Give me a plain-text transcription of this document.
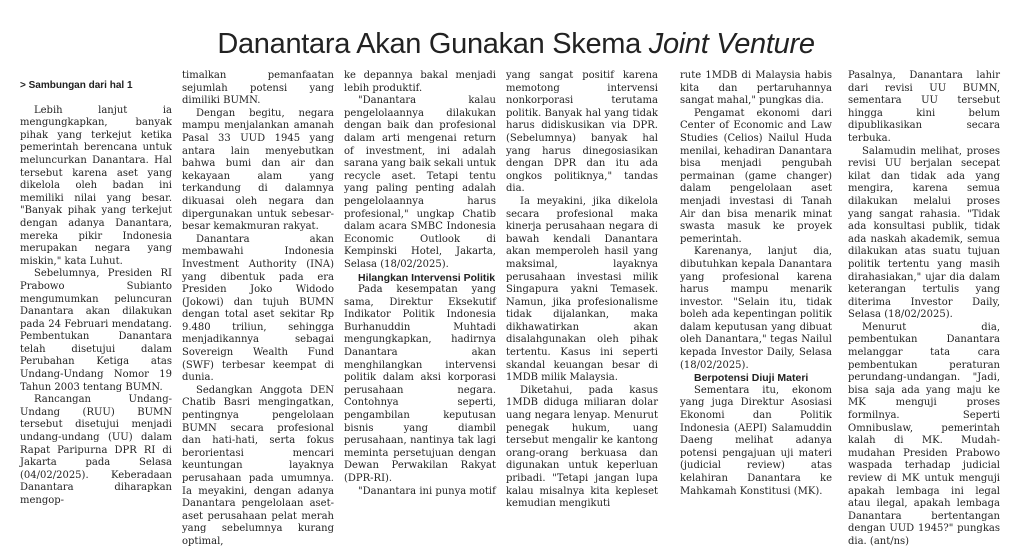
Danantara Akan Gunakan Skema Joint Venture
> Sambungan dari hal 1

Lebih lanjut ia mengungkapkan, banyak pihak yang terkejut ketika pemerintah berencana untuk meluncurkan Danantara. Hal tersebut karena aset yang dikelola oleh badan ini memiliki nilai yang besar. "Banyak pihak yang terkejut dengan adanya Danantara, mereka pikir Indonesia merupakan negara yang miskin," kata Luhut.

Sebelumnya, Presiden RI Prabowo Subianto mengumumkan peluncuran Danantara akan dilakukan pada 24 Februari mendatang. Pembentukan Danantara telah disetujui dalam Perubahan Ketiga atas Undang-Undang Nomor 19 Tahun 2003 tentang BUMN.

Rancangan Undang-Undang (RUU) BUMN tersebut disetujui menjadi undang-undang (UU) dalam Rapat Paripurna DPR RI di Jakarta pada Selasa (04/02/2025). Keberadaan Danantara diharapkan mengop-

timalkan pemanfaatan sejumlah potensi yang dimiliki BUMN.

Dengan begitu, negara mampu menjalankan amanah Pasal 33 UUD 1945 yang antara lain menyebutkan bahwa bumi dan air dan kekayaan alam yang terkandung di dalamnya dikuasai oleh negara dan dipergunakan untuk sebesar-besar kemakmuran rakyat.

Danantara akan membawahi Indonesia Investment Authority (INA) yang dibentuk pada era Presiden Joko Widodo (Jokowi) dan tujuh BUMN dengan total aset sekitar Rp 9.480 triliun, sehingga menjadikannya sebagai Sovereign Wealth Fund (SWF) terbesar keempat di dunia.

Sedangkan Anggota DEN Chatib Basri mengingatkan, pentingnya pengelolaan BUMN secara profesional dan hati-hati, serta fokus berorientasi mencari keuntungan layaknya perusahaan pada umumnya. Ia meyakini, dengan adanya Danantara pengelolaan aset-aset perusahaan pelat merah yang sebelumnya kurang optimal,

ke depannya bakal menjadi lebih produktif.

"Danantara kalau pengelolaannya dilakukan dengan baik dan profesional dalam arti mengenai return of investment, ini adalah sarana yang baik sekali untuk recycle aset. Tetapi tentu yang paling penting adalah pengelolaannya harus profesional," ungkap Chatib dalam acara SMBC Indonesia Economic Outlook di Kempinski Hotel, Jakarta, Selasa (18/02/2025).

Hilangkan Intervensi Politik

Pada kesempatan yang sama, Direktur Eksekutif Indikator Politik Indonesia Burhanuddin Muhtadi mengungkapkan, hadirnya Danantara akan menghilangkan intervensi politik dalam aksi korporasi perusahaan negara. Contohnya seperti, pengambilan keputusan bisnis yang diambil perusahaan, nantinya tak lagi meminta persetujuan dengan Dewan Perwakilan Rakyat (DPR-RI).

"Danantara ini punya motif

yang sangat positif karena memotong intervensi nonkorporasi terutama politik. Banyak hal yang tidak harus didiskusikan via DPR. (Sebelumnya) banyak hal yang harus dinegosiasikan dengan DPR dan itu ada ongkos politiknya," tandas dia.

Ia meyakini, jika dikelola secara profesional maka kinerja perusahaan negara di bawah kendali Danantara akan memperoleh hasil yang maksimal, layaknya perusahaan investasi milik Singapura yakni Temasek. Namun, jika profesionalisme tidak dijalankan, maka dikhawatirkan akan disalahgunakan oleh pihak tertentu. Kasus ini seperti skandal keuangan besar di 1MDB milik Malaysia.

Diketahui, pada kasus 1MDB diduga miliaran dolar uang negara lenyap. Menurut penegak hukum, uang tersebut mengalir ke kantong orang-orang berkuasa dan digunakan untuk keperluan pribadi. "Tetapi jangan lupa kalau misalnya kita kepleset kemudian mengikuti

rute 1MDB di Malaysia habis kita dan pertaruhannya sangat mahal," pungkas dia.

Pengamat ekonomi dari Center of Economic and Law Studies (Celios) Nailul Huda menilai, kehadiran Danantara bisa menjadi pengubah permainan (game changer) dalam pengelolaan aset menjadi investasi di Tanah Air dan bisa menarik minat swasta masuk ke proyek pemerintah.

Karenanya, lanjut dia, dibutuhkan kepala Danantara yang profesional karena harus mampu menarik investor. "Selain itu, tidak boleh ada kepentingan politik dalam keputusan yang dibuat oleh Danantara," tegas Nailul kepada Investor Daily, Selasa (18/02/2025).

Berpotensi Diuji Materi

Sementara itu, ekonom yang juga Direktur Asosiasi Ekonomi dan Politik Indonesia (AEPI) Salamuddin Daeng melihat adanya potensi pengajuan uji materi (judicial review) atas kelahiran Danantara ke Mahkamah Konstitusi (MK).

Pasalnya, Danantara lahir dari revisi UU BUMN, sementara UU tersebut hingga kini belum dipublikasikan secara terbuka.

Salamudin melihat, proses revisi UU berjalan secepat kilat dan tidak ada yang mengira, karena semua dilakukan melalui proses yang sangat rahasia. "Tidak ada konsultasi publik, tidak ada naskah akademik, semua dilakukan atas suatu tujuan politik tertentu yang masih dirahasiakan," ujar dia dalam keterangan tertulis yang diterima Investor Daily, Selasa (18/02/2025).

Menurut dia, pembentukan Danantara melanggar tata cara pembentukan peraturan perundang-undangan. "Jadi, bisa saja ada yang maju ke MK menguji proses formilnya. Seperti Omnibuslaw, pemerintah kalah di MK. Mudah-mudahan Presiden Prabowo waspada terhadap judicial review di MK untuk menguji apakah lembaga ini legal atau ilegal, apakah lembaga Danantara bertentangan dengan UUD 1945?" pungkas dia. (ant/ns)
